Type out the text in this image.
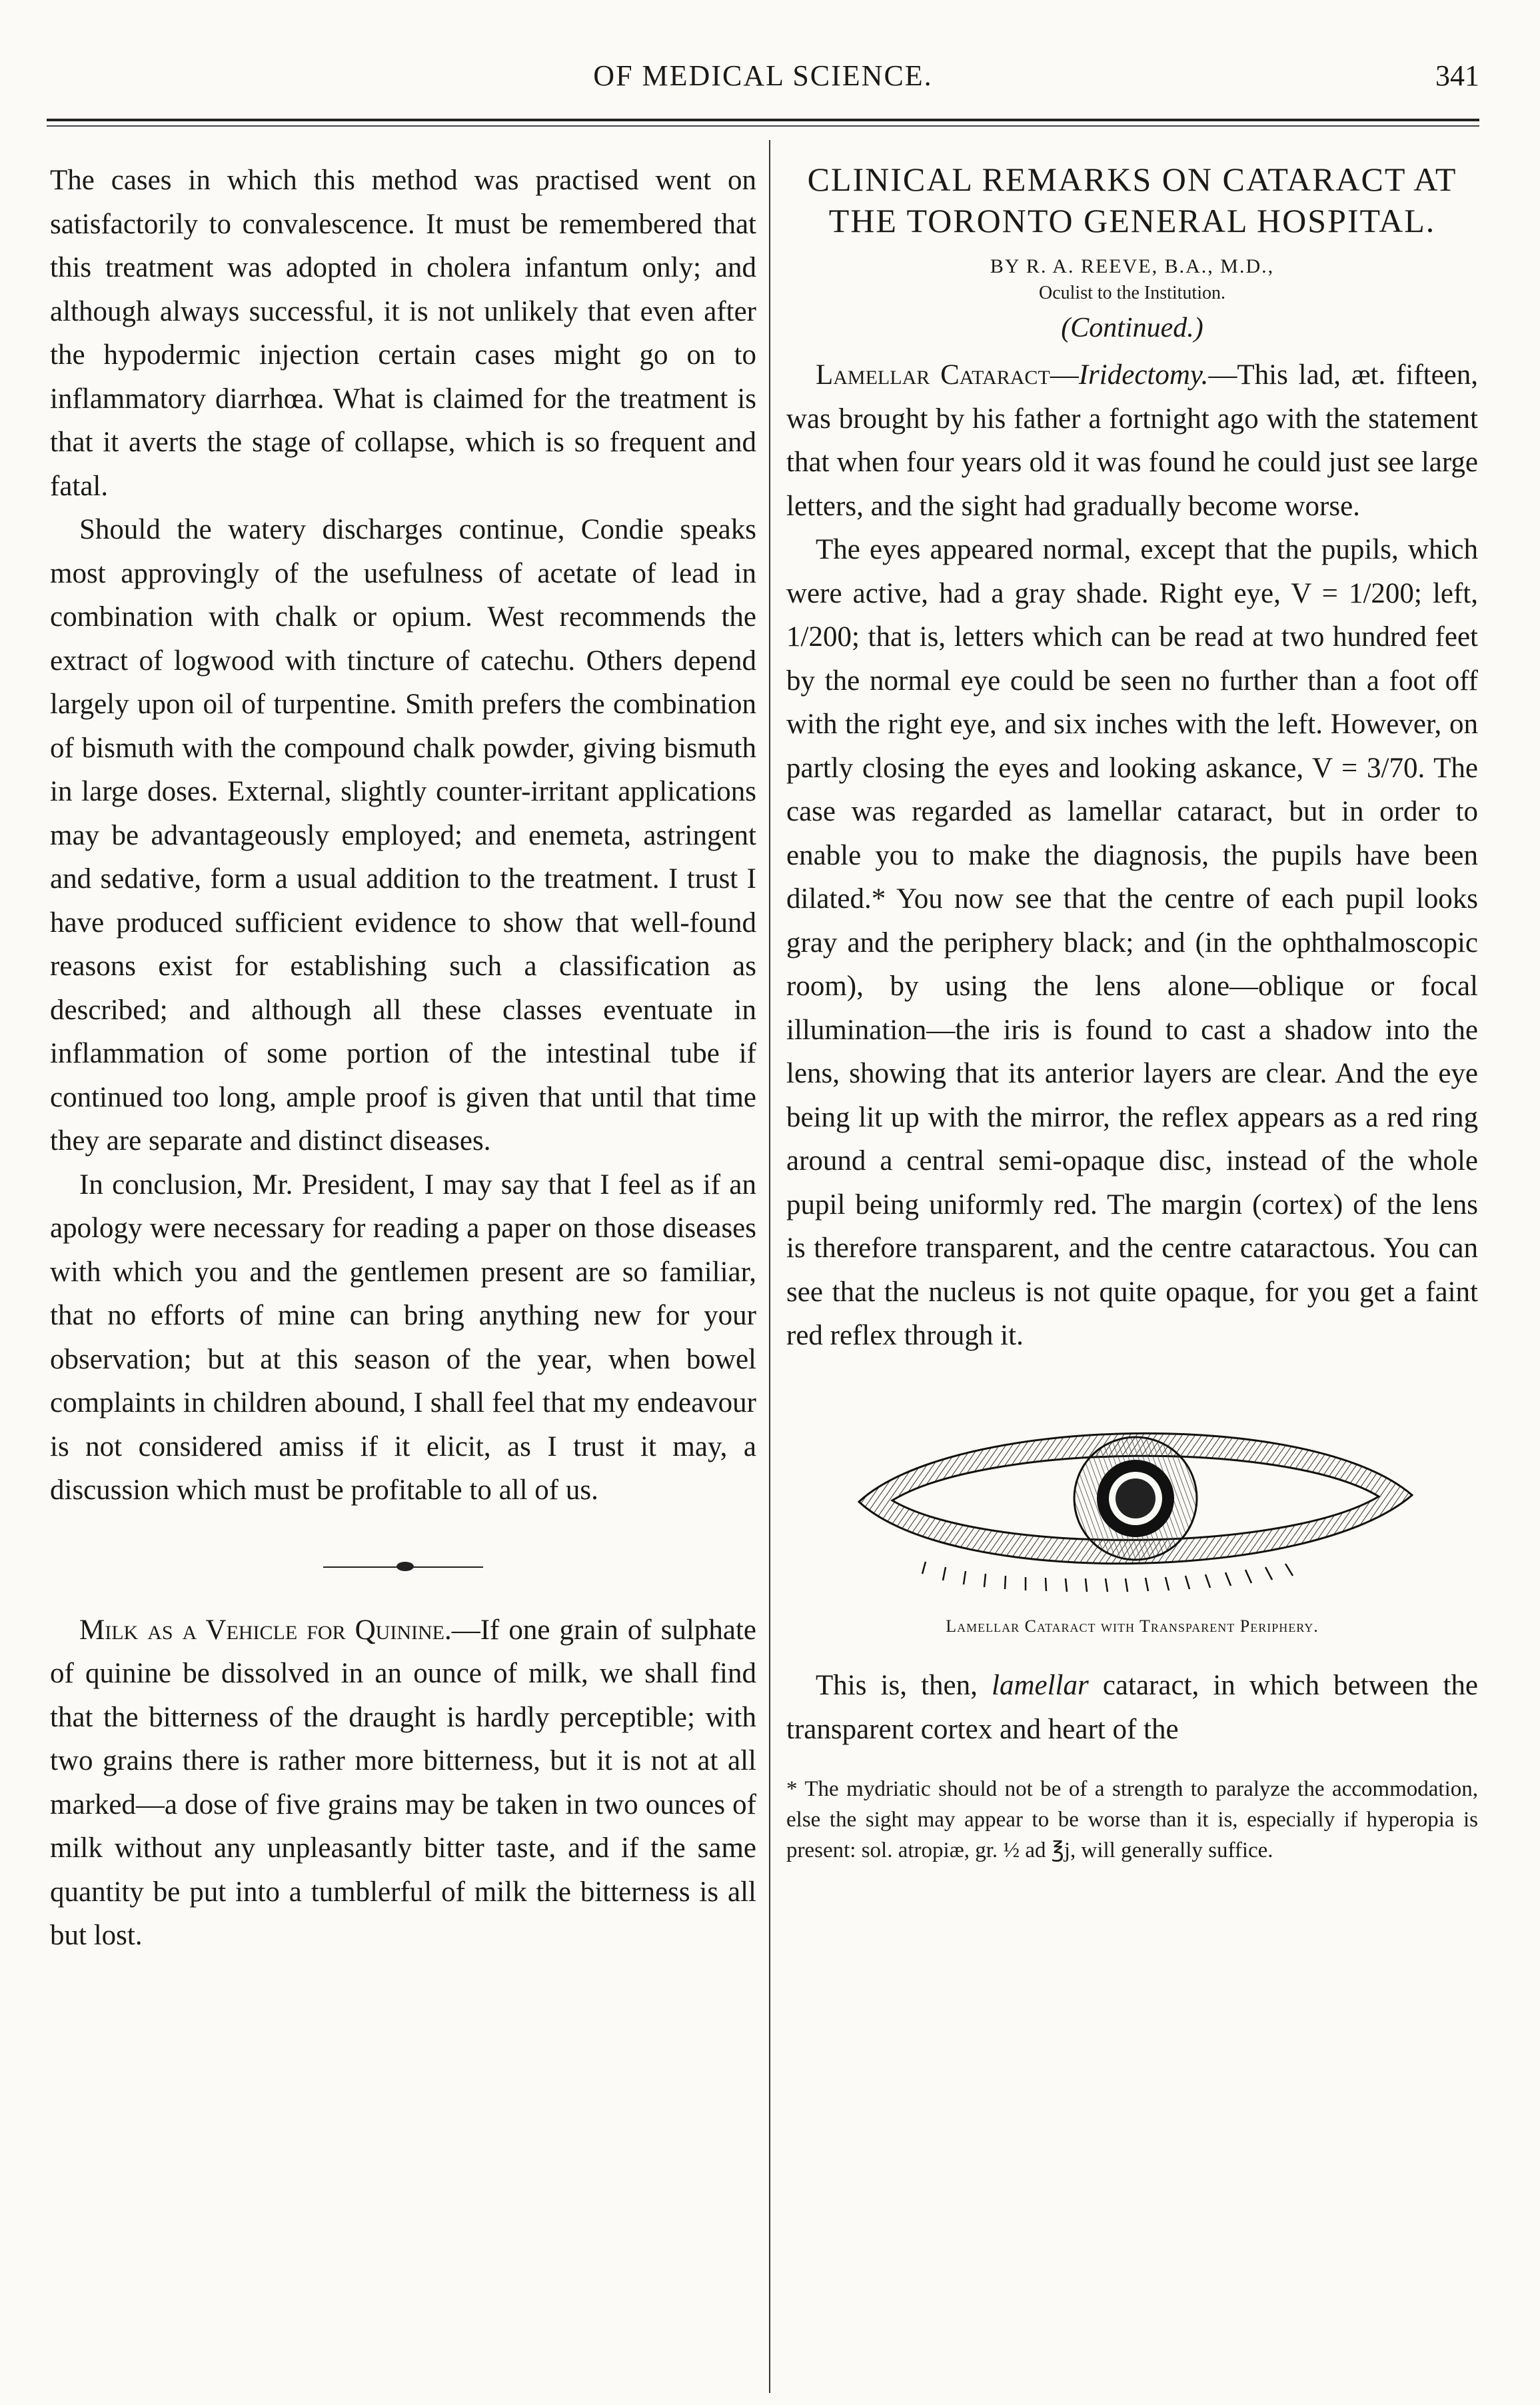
OF MEDICAL SCIENCE.	341

The cases in which this method was practised went on satisfactorily to convalescence. It must be remembered that this treatment was adopted in cholera infantum only; and although always successful, it is not unlikely that even after the hypodermic injection certain cases might go on to inflammatory diarrhœa. What is claimed for the treatment is that it averts the stage of collapse, which is so frequent and fatal.

Should the watery discharges continue, Condie speaks most approvingly of the usefulness of acetate of lead in combination with chalk or opium. West recommends the extract of logwood with tincture of catechu. Others depend largely upon oil of turpentine. Smith prefers the combination of bismuth with the compound chalk powder, giving bismuth in large doses. External, slightly counter-irritant applications may be advantageously employed; and enemeta, astringent and sedative, form a usual addition to the treatment. I trust I have produced sufficient evidence to show that well-found reasons exist for establishing such a classification as described; and although all these classes eventuate in inflammation of some portion of the intestinal tube if continued too long, ample proof is given that until that time they are separate and distinct diseases.

In conclusion, Mr. President, I may say that I feel as if an apology were necessary for reading a paper on those diseases with which you and the gentlemen present are so familiar, that no efforts of mine can bring anything new for your observation; but at this season of the year, when bowel complaints in children abound, I shall feel that my endeavour is not considered amiss if it elicit, as I trust it may, a discussion which must be profitable to all of us.

Milk as a Vehicle for Quinine.—If one grain of sulphate of quinine be dissolved in an ounce of milk, we shall find that the bitterness of the draught is hardly perceptible; with two grains there is rather more bitterness, but it is not at all marked—a dose of five grains may be taken in two ounces of milk without any unpleasantly bitter taste, and if the same quantity be put into a tumblerful of milk the bitterness is all but lost.

CLINICAL REMARKS ON CATARACT AT THE TORONTO GENERAL HOSPITAL.
BY R. A. REEVE, B.A., M.D.,
Oculist to the Institution.
(Continued.)

Lamellar Cataract—Iridectomy.—This lad, æt. fifteen, was brought by his father a fortnight ago with the statement that when four years old it was found he could just see large letters, and the sight had gradually become worse.

The eyes appeared normal, except that the pupils, which were active, had a gray shade. Right eye, V = 1/200; left, 1/200; that is, letters which can be read at two hundred feet by the normal eye could be seen no further than a foot off with the right eye, and six inches with the left. However, on partly closing the eyes and looking askance, V = 3/70. The case was regarded as lamellar cataract, but in order to enable you to make the diagnosis, the pupils have been dilated.* You now see that the centre of each pupil looks gray and the periphery black; and (in the ophthalmoscopic room), by using the lens alone—oblique or focal illumination—the iris is found to cast a shadow into the lens, showing that its anterior layers are clear. And the eye being lit up with the mirror, the reflex appears as a red ring around a central semi-opaque disc, instead of the whole pupil being uniformly red. The margin (cortex) of the lens is therefore transparent, and the centre cataractous. You can see that the nucleus is not quite opaque, for you get a faint red reflex through it.

Lamellar Cataract with Transparent Periphery.

This is, then, lamellar cataract, in which between the transparent cortex and heart of the

* The mydriatic should not be of a strength to paralyze the accommodation, else the sight may appear to be worse than it is, especially if hyperopia is present: sol. atropiæ, gr. ½ ad ℥j, will generally suffice.
